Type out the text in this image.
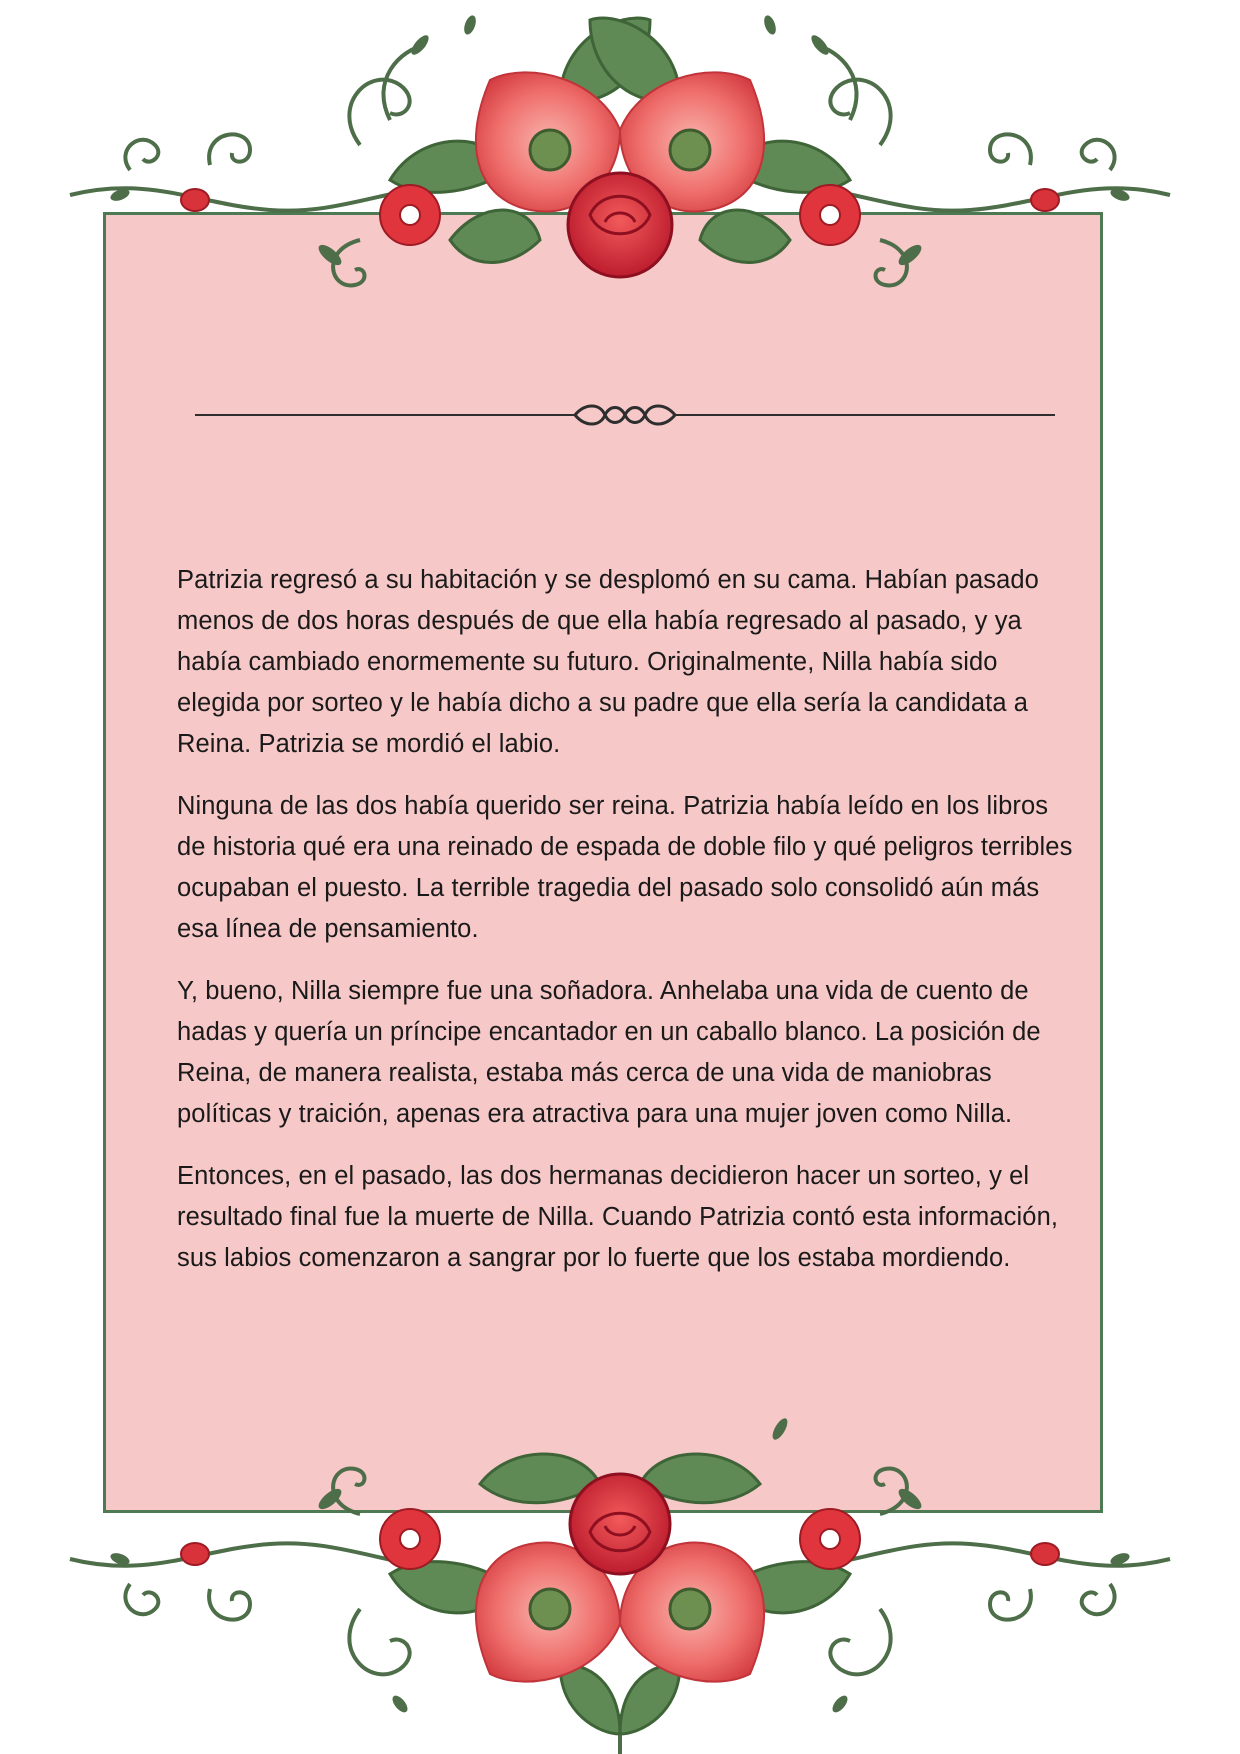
Patrizia regresó a su habitación y se desplomó en su cama. Habían pasado menos de dos horas después de que ella había regresado al pasado, y ya había cambiado enormemente su futuro. Originalmente, Nilla había sido elegida por sorteo y le había dicho a su padre que ella sería la candidata a Reina. Patrizia se mordió el labio.

Ninguna de las dos había querido ser reina. Patrizia había leído en los libros de historia qué era una reinado de espada de doble filo y qué peligros terribles ocupaban el puesto. La terrible tragedia del pasado solo consolidó aún más esa línea de pensamiento.

Y, bueno, Nilla siempre fue una soñadora. Anhelaba una vida de cuento de hadas y quería un príncipe encantador en un caballo blanco. La posición de Reina, de manera realista, estaba más cerca de una vida de maniobras políticas y traición, apenas era atractiva para una mujer joven como Nilla.

Entonces, en el pasado, las dos hermanas decidieron hacer un sorteo, y el resultado final fue la muerte de Nilla. Cuando Patrizia contó esta información, sus labios comenzaron a sangrar por lo fuerte que los estaba mordiendo.
